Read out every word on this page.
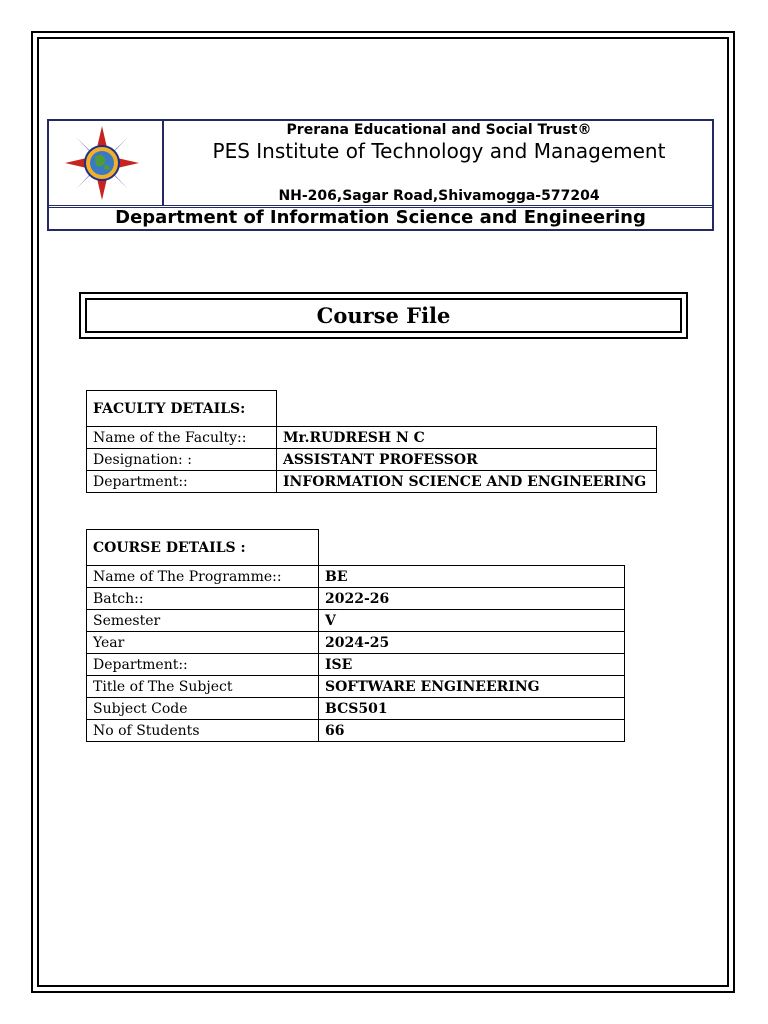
Prerana Educational and Social Trust®
PES Institute of Technology and Management
NH-206,Sagar Road,Shivamogga-577204
Department of Information Science and Engineering
Course File
FACULTY DETAILS:	
Name of the Faculty::	Mr.RUDRESH N C
Designation: :	ASSISTANT PROFESSOR
Department::	INFORMATION SCIENCE AND ENGINEERING
COURSE DETAILS :	
Name of The Programme::	BE
Batch::	2022-26
Semester	V
Year	2024-25
Department::	ISE
Title of The Subject	SOFTWARE ENGINEERING
Subject Code	BCS501
No of Students	66
